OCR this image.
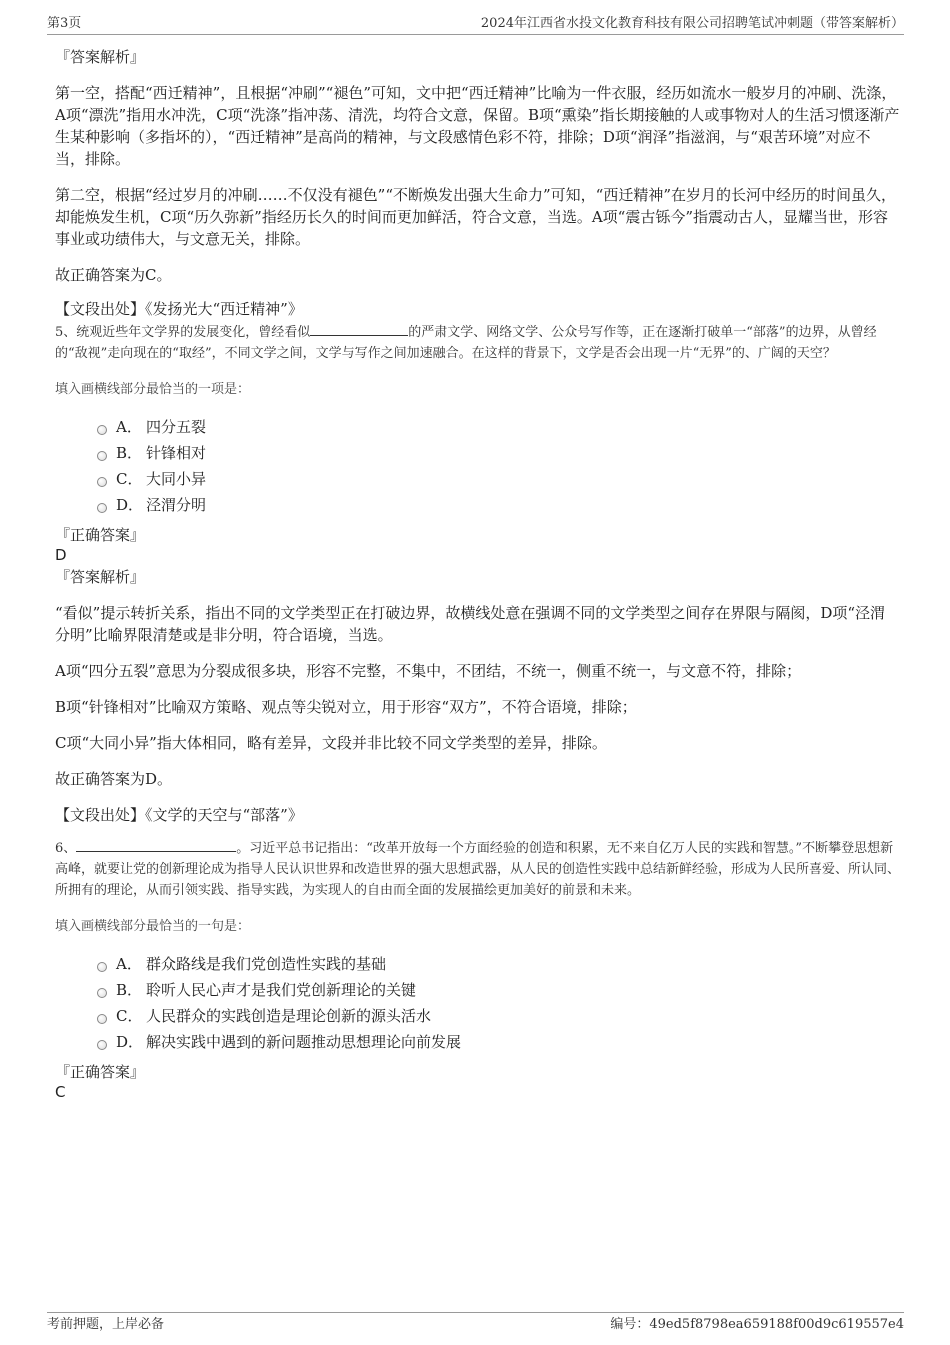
第3页	2024年江西省水投文化教育科技有限公司招聘笔试冲刺题（带答案解析）

『答案解析』

第一空，搭配“西迁精神”，且根据“冲刷”“褪色”可知，文中把“西迁精神”比喻为一件衣服，经历如流水一般岁月的冲刷、洗涤，A项“漂洗”指用水冲洗，C项“洗涤”指冲荡、清洗，均符合文意，保留。B项“熏染”指长期接触的人或事物对人的生活习惯逐渐产生某种影响（多指坏的），“西迁精神”是高尚的精神，与文段感情色彩不符，排除；D项“润泽”指滋润，与“艰苦环境”对应不当，排除。

第二空，根据“经过岁月的冲刷……不仅没有褪色”“不断焕发出强大生命力”可知，“西迁精神”在岁月的长河中经历的时间虽久，却能焕发生机，C项“历久弥新”指经历长久的时间而更加鲜活，符合文意，当选。A项“震古铄今”指震动古人，显耀当世，形容事业或功绩伟大，与文意无关，排除。

故正确答案为C。

【文段出处】《发扬光大“西迁精神”》

5、统观近些年文学界的发展变化，曾经看似	的严肃文学、网络文学、公众号写作等，正在逐渐打破单一“部落”的边界，从曾经的“敌视”走向现在的“取经”，不同文学之间，文学与写作之间加速融合。在这样的背景下，文学是否会出现一片“无界”的、广阔的天空？

填入画横线部分最恰当的一项是：

A． 四分五裂
B． 针锋相对
C． 大同小异
D． 泾渭分明

『正确答案』

D

『答案解析』

“看似”提示转折关系，指出不同的文学类型正在打破边界，故横线处意在强调不同的文学类型之间存在界限与隔阂，D项“泾渭分明”比喻界限清楚或是非分明，符合语境，当选。

A项“四分五裂”意思为分裂成很多块，形容不完整，不集中，不团结，不统一，侧重不统一，与文意不符，排除；

B项“针锋相对”比喻双方策略、观点等尖锐对立，用于形容“双方”，不符合语境，排除；

C项“大同小异”指大体相同，略有差异，文段并非比较不同文学类型的差异，排除。

故正确答案为D。

【文段出处】《文学的天空与“部落”》

6、	。习近平总书记指出：“改革开放每一个方面经验的创造和积累，无不来自亿万人民的实践和智慧。”不断攀登思想新高峰，就要让党的创新理论成为指导人民认识世界和改造世界的强大思想武器，从人民的创造性实践中总结新鲜经验，形成为人民所喜爱、所认同、所拥有的理论，从而引领实践、指导实践，为实现人的自由而全面的发展描绘更加美好的前景和未来。

填入画横线部分最恰当的一句是：

A． 群众路线是我们党创造性实践的基础
B． 聆听人民心声才是我们党创新理论的关键
C． 人民群众的实践创造是理论创新的源头活水
D． 解决实践中遇到的新问题推动思想理论向前发展

『正确答案』

C

考前押题，上岸必备	编号：49ed5f8798ea659188f00d9c619557e4
